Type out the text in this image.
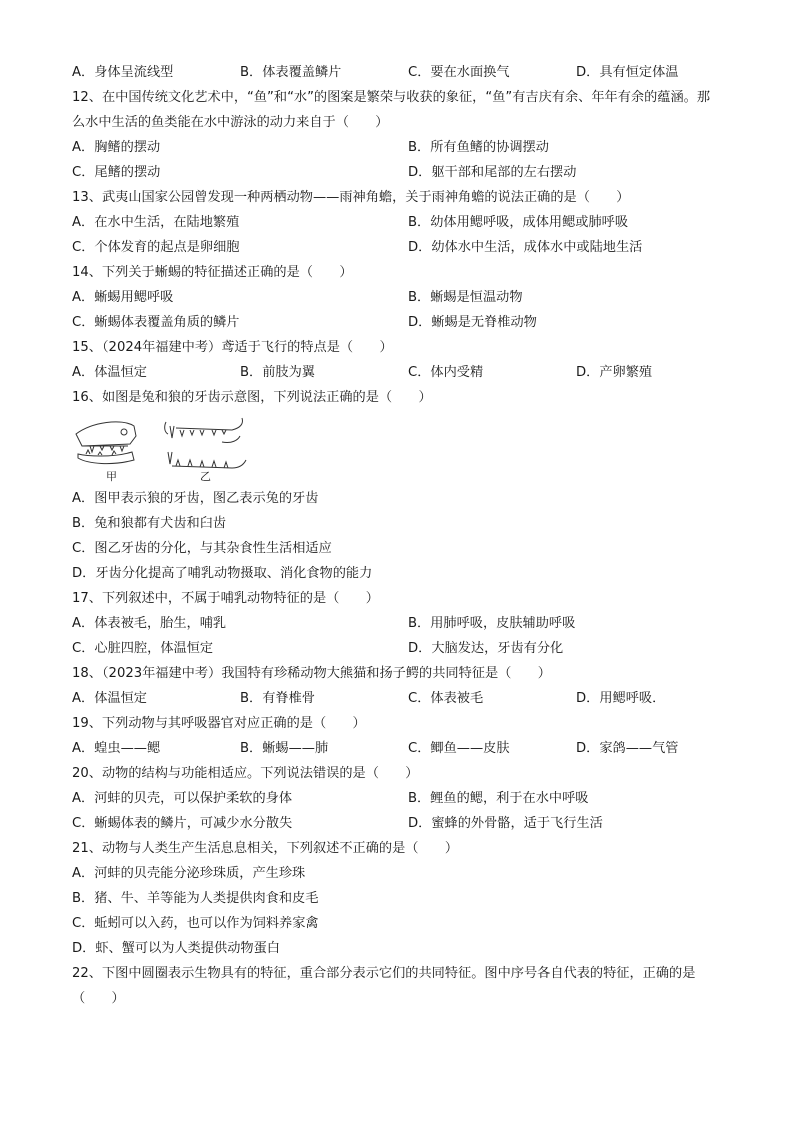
A．身体呈流线型	B．体表覆盖鳞片	C．要在水面换气	D．具有恒定体温
12、在中国传统文化艺术中，“鱼”和“水”的图案是繁荣与收获的象征，“鱼”有吉庆有余、年年有余的蕴涵。那么水中生活的鱼类能在水中游泳的动力来自于（　　）
A．胸鳍的摆动	B．所有鱼鳍的协调摆动
C．尾鳍的摆动	D．躯干部和尾部的左右摆动
13、武夷山国家公园曾发现一种两栖动物——雨神角蟾，关于雨神角蟾的说法正确的是（　　）
A．在水中生活，在陆地繁殖	B．幼体用鳃呼吸，成体用鳃或肺呼吸
C．个体发育的起点是卵细胞	D．幼体水中生活，成体水中或陆地生活
14、下列关于蜥蜴的特征描述正确的是（　　）
A．蜥蜴用鳃呼吸	B．蜥蜴是恒温动物
C．蜥蜴体表覆盖角质的鳞片	D．蜥蜴是无脊椎动物
15、（2024年福建中考）鸢适于飞行的特点是（　　）
A．体温恒定	B．前肢为翼	C．体内受精	D．产卵繁殖
16、如图是兔和狼的牙齿示意图，下列说法正确的是（　　）
甲	乙
A．图甲表示狼的牙齿，图乙表示兔的牙齿
B．兔和狼都有犬齿和臼齿
C．图乙牙齿的分化，与其杂食性生活相适应
D．牙齿分化提高了哺乳动物摄取、消化食物的能力
17、下列叙述中，不属于哺乳动物特征的是（　　）
A．体表被毛，胎生，哺乳	B．用肺呼吸，皮肤辅助呼吸
C．心脏四腔，体温恒定	D．大脑发达，牙齿有分化
18、（2023年福建中考）我国特有珍稀动物大熊猫和扬子鳄的共同特征是（　　）
A．体温恒定	B．有脊椎骨	C．体表被毛	D．用鳃呼吸．
19、下列动物与其呼吸器官对应正确的是（　　）
A．蝗虫——鳃	B．蜥蜴——肺	C．鲫鱼——皮肤	D．家鸽——气管
20、动物的结构与功能相适应。下列说法错误的是（　　）
A．河蚌的贝壳，可以保护柔软的身体	B．鲤鱼的鳃，利于在水中呼吸
C．蜥蜴体表的鳞片，可减少水分散失	D．蜜蜂的外骨骼，适于飞行生活
21、动物与人类生产生活息息相关，下列叙述不正确的是（　　）
A．河蚌的贝壳能分泌珍珠质，产生珍珠
B．猪、牛、羊等能为人类提供肉食和皮毛
C．蚯蚓可以入药，也可以作为饲料养家禽
D．虾、蟹可以为人类提供动物蛋白
22、下图中圆圈表示生物具有的特征，重合部分表示它们的共同特征。图中序号各自代表的特征，正确的是（　　）
